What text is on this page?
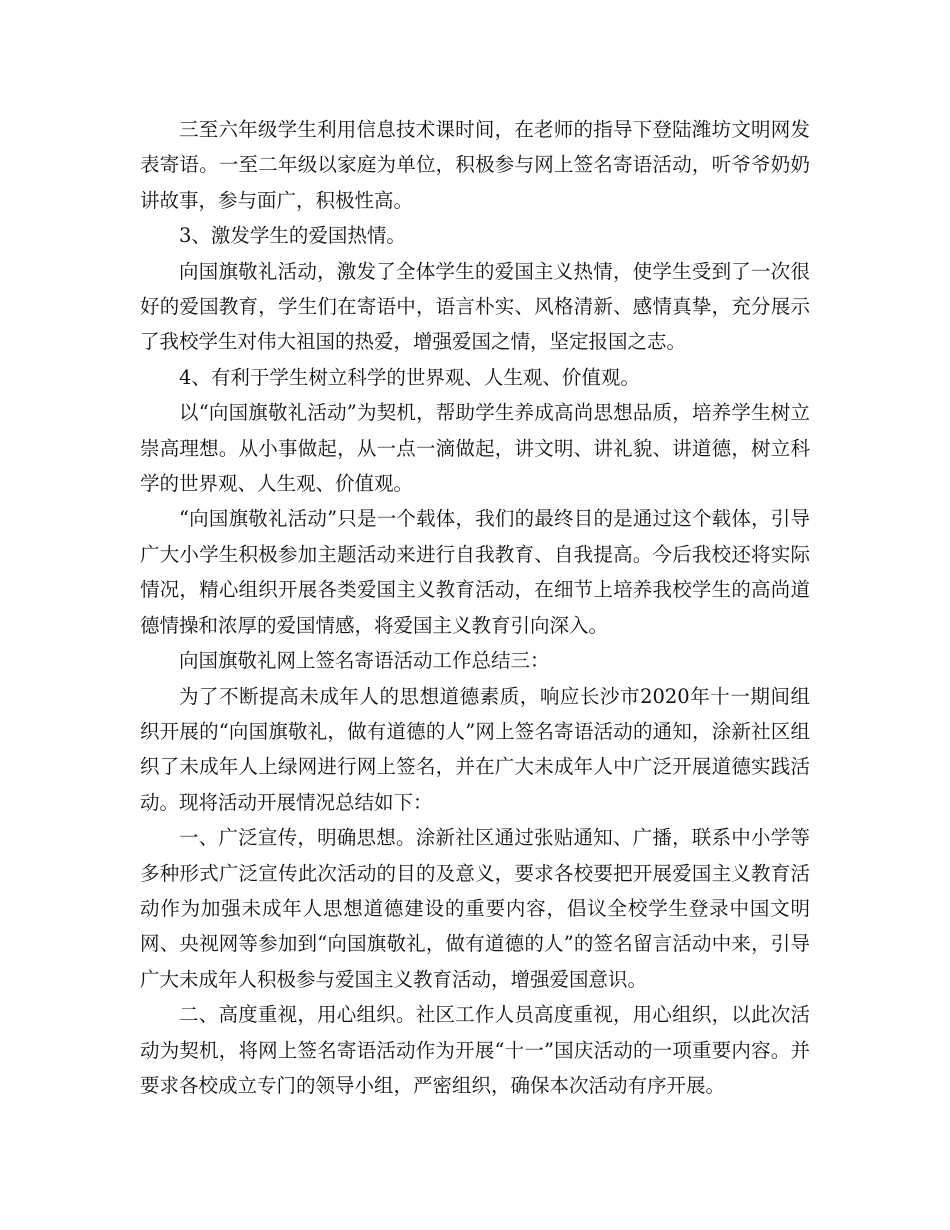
三至六年级学生利用信息技术课时间，在老师的指导下登陆潍坊文明网发表寄语。一至二年级以家庭为单位，积极参与网上签名寄语活动，听爷爷奶奶讲故事，参与面广，积极性高。

3、激发学生的爱国热情。

向国旗敬礼活动，激发了全体学生的爱国主义热情，使学生受到了一次很好的爱国教育，学生们在寄语中，语言朴实、风格清新、感情真挚，充分展示了我校学生对伟大祖国的热爱，增强爱国之情，坚定报国之志。

4、有利于学生树立科学的世界观、人生观、价值观。

以“向国旗敬礼活动”为契机，帮助学生养成高尚思想品质，培养学生树立崇高理想。从小事做起，从一点一滴做起，讲文明、讲礼貌、讲道德，树立科学的世界观、人生观、价值观。

“向国旗敬礼活动”只是一个载体，我们的最终目的是通过这个载体，引导广大小学生积极参加主题活动来进行自我教育、自我提高。今后我校还将实际情况，精心组织开展各类爱国主义教育活动，在细节上培养我校学生的高尚道德情操和浓厚的爱国情感，将爱国主义教育引向深入。

向国旗敬礼网上签名寄语活动工作总结三：

为了不断提高未成年人的思想道德素质，响应长沙市2020年十一期间组织开展的“向国旗敬礼，做有道德的人”网上签名寄语活动的通知，涂新社区组织了未成年人上绿网进行网上签名，并在广大未成年人中广泛开展道德实践活动。现将活动开展情况总结如下：

一、广泛宣传，明确思想。涂新社区通过张贴通知、广播，联系中小学等多种形式广泛宣传此次活动的目的及意义，要求各校要把开展爱国主义教育活动作为加强未成年人思想道德建设的重要内容，倡议全校学生登录中国文明网、央视网等参加到“向国旗敬礼，做有道德的人”的签名留言活动中来，引导广大未成年人积极参与爱国主义教育活动，增强爱国意识。

二、高度重视，用心组织。社区工作人员高度重视，用心组织，以此次活动为契机，将网上签名寄语活动作为开展“十一”国庆活动的一项重要内容。并要求各校成立专门的领导小组，严密组织，确保本次活动有序开展。
